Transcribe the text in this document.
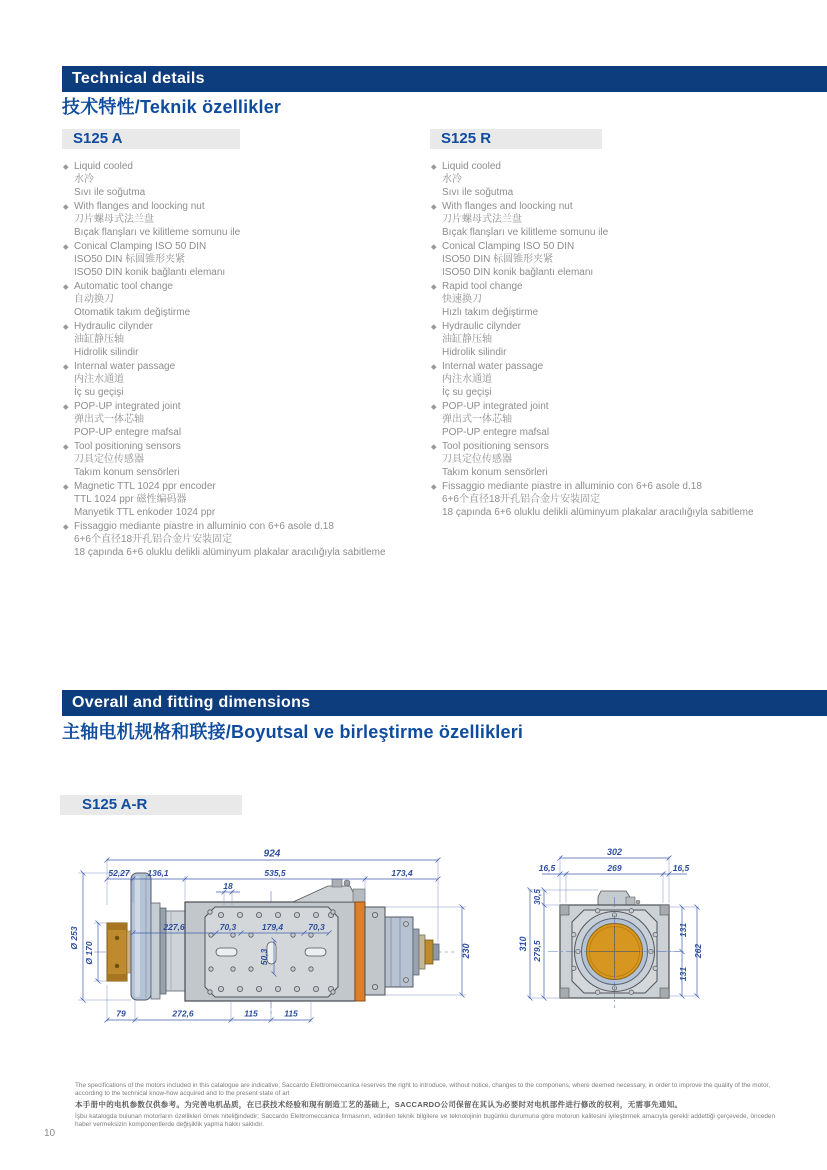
Technical details
技术特性/Teknik özellikler
S125 A	S125 R
Liquid cooled
水冷
Sıvı ile soğutma
With flanges and loocking nut
刀片螺母式法兰盘
Bıçak flanşları ve kilitleme somunu ile
Conical Clamping ISO 50 DIN
ISO50 DIN 标圆锥形夹紧
ISO50 DIN konik bağlantı elemanı
Automatic tool change
自动换刀
Otomatik takım değiştirme
Hydraulic cilynder
油缸静压轴
Hidrolik silindir
Internal water passage
内注水通道
İç su geçişi
POP-UP integrated joint
弹出式一体芯轴
POP-UP entegre mafsal
Tool positioning sensors
刀具定位传感器
Takım konum sensörleri
Magnetic TTL 1024 ppr encoder
TTL 1024 ppr 磁性编码器
Manyetik TTL enkoder 1024 ppr
Fissaggio mediante piastre in alluminio con 6+6 asole d.18
6+6个直径18开孔铝合金片安装固定
18 çapında 6+6 oluklu delikli alüminyum plakalar aracılığıyla sabitleme
Liquid cooled
水冷
Sıvı ile soğutma
With flanges and loocking nut
刀片螺母式法兰盘
Bıçak flanşları ve kilitleme somunu ile
Conical Clamping ISO 50 DIN
ISO50 DIN 标圆锥形夹紧
ISO50 DIN konik bağlantı elemanı
Rapid tool change
快速换刀
Hızlı takım değiştirme
Hydraulic cilynder
油缸静压轴
Hidrolik silindir
Internal water passage
内注水通道
İç su geçişi
POP-UP integrated joint
弹出式一体芯轴
POP-UP entegre mafsal
Tool positioning sensors
刀具定位传感器
Takım konum sensörleri
Fissaggio mediante piastre in alluminio con 6+6 asole d.18
6+6个直径18开孔铝合金片安装固定
18 çapında 6+6 oluklu delikli alüminyum plakalar aracılığıyla sabitleme
Overall and fitting dimensions
主轴电机规格和联接/Boyutsal ve birleştirme özellikleri
S125 A-R
924
52,27 136,1	535,5	173,4
18
227,6	70,3	179,4	70,3
50,3
Ø 253
Ø 170	230
79	272,6	115	115
302
16,5	269	16,5
310
30,5
279,5
131
131
262
The specifications of the motors included in this catalogue are indicative; Saccardo Elettromeccanica reserves the right to introduce, without notice, changes to the componens, where deemed necessary, in order to improve the quality of the motor, according to the technical know-how acquired and to the present state of art
本手册中的电机参数仅供参考。为完善电机品质，在已获技术经验和现有制造工艺的基础上，SACCARDO公司保留在其认为必要时对电机部件进行修改的权利，无需事先通知。
İşbu katalogda bulunan motorların özellikleri örnek niteliğindedir; Saccardo Elettromeccanica firmasının, edinilen teknik bilgilere ve teknolojinin bugünkü durumuna göre motorun kalitesini iyileştirmek amacıyla gerekli addettiği çerçevede, önceden haber vermeksizin komponentlerde değişiklik yapma hakkı saklıdır.
10
